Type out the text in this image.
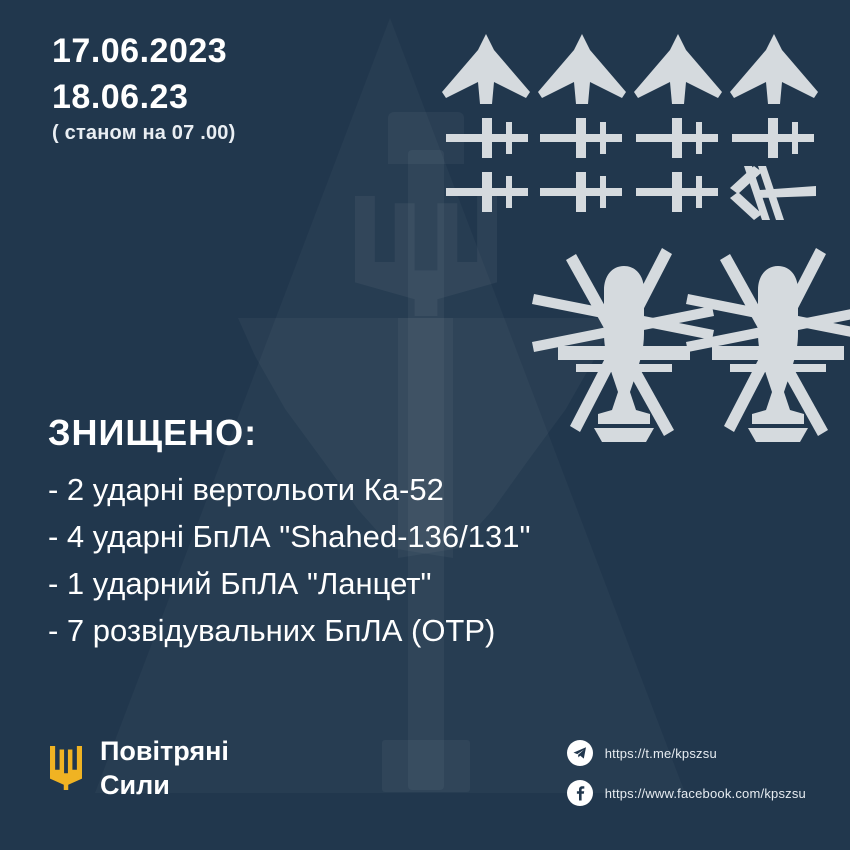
17.06.2023
18.06.23
( станом на 07 .00)
ЗНИЩЕНО:
- 2 ударні вертольоти Ка-52
- 4 ударні БпЛА "Shahed-136/131"
- 1 ударний БпЛА "Ланцет"
- 7 розвідувальних БпЛА (ОТР)
Повітряні
Сили
https://t.me/kpszsu
https://www.facebook.com/kpszsu
